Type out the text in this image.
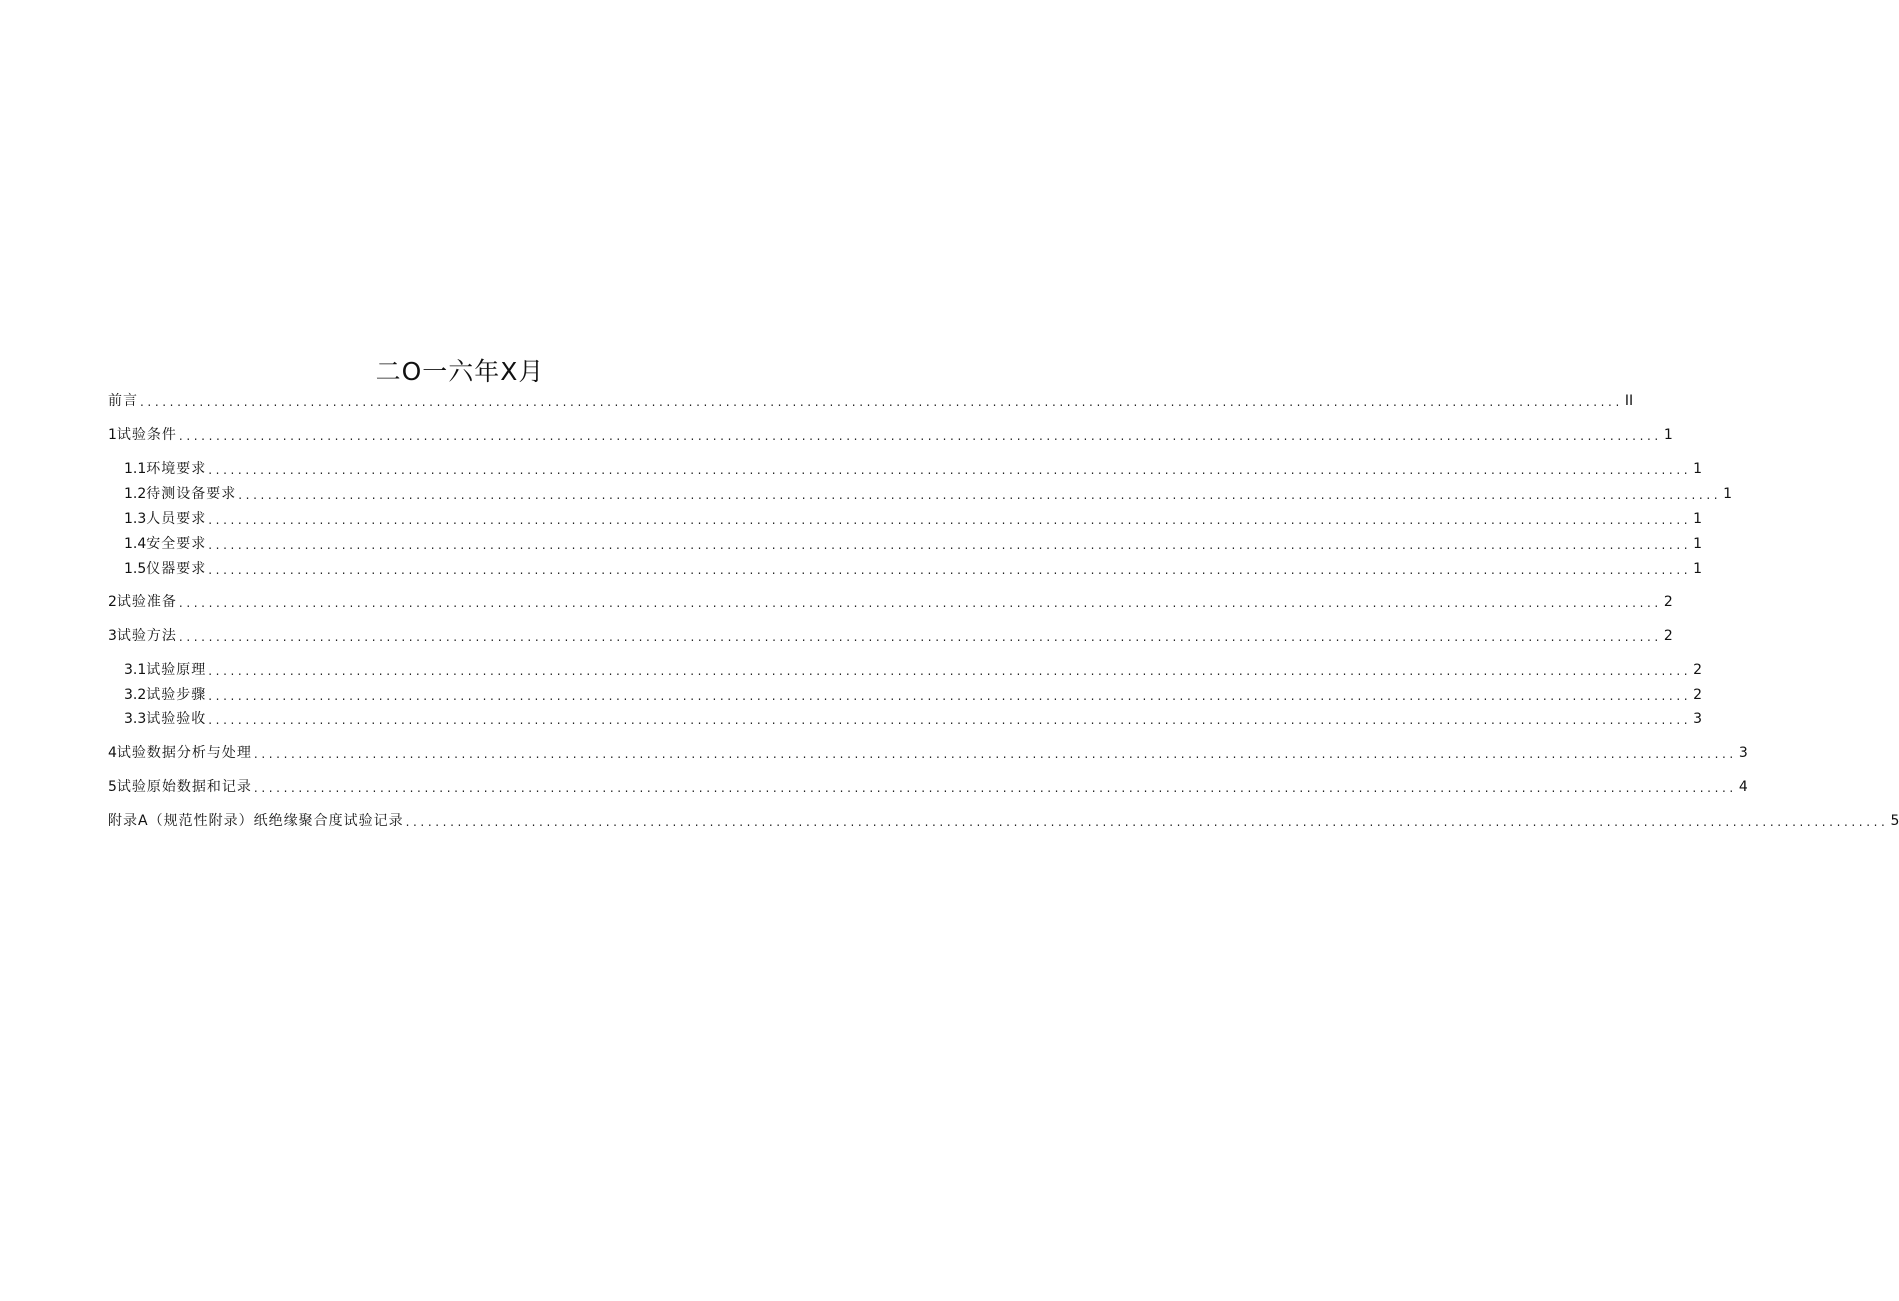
二O一六年X月
前言 ........................................................................................................................................................................................................ II
1 试验条件 ........................................................................................................................................................................................................ 1
1.1 环境要求 ........................................................................................................................................................................................................ 1
1.2 待测设备要求 ........................................................................................................................................................................................................ 1
1.3 人员要求 ........................................................................................................................................................................................................ 1
1.4 安全要求 ........................................................................................................................................................................................................ 1
1.5 仪器要求 ........................................................................................................................................................................................................ 1
2 试验准备 ........................................................................................................................................................................................................ 2
3 试验方法 ........................................................................................................................................................................................................ 2
3.1 试验原理 ........................................................................................................................................................................................................ 2
3.2 试验步骤 ........................................................................................................................................................................................................ 2
3.3 试验验收 ........................................................................................................................................................................................................ 3
4 试验数据分析与处理 ........................................................................................................................................................................................................ 3
5 试验原始数据和记录 ........................................................................................................................................................................................................ 4
附录A（规范性附录）纸绝缘聚合度试验记录 ........................................................................................................................................................................................................ 5
